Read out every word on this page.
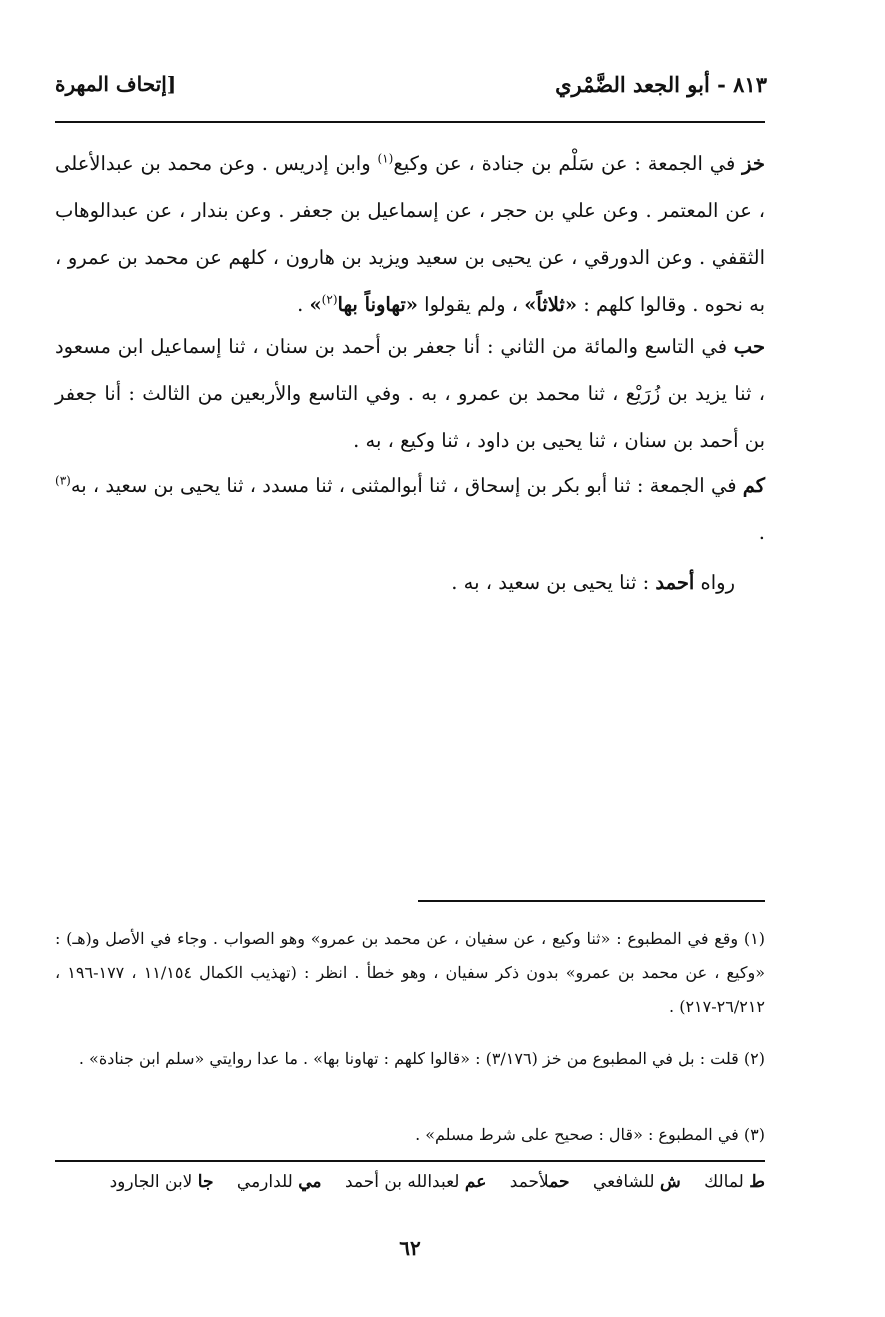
٨١٣ - أبو الجعد الضَّمْري
[إتحاف المهرة
خز في الجمعة : عن سَلْم بن جنادة ، عن وكيع$^{(١)}$ وابن إدريس . وعن محمد بن عبدالأعلى ، عن المعتمر . وعن علي بن حجر ، عن إسماعيل بن جعفر . وعن بندار ، عن عبدالوهاب الثقفي . وعن الدورقي ، عن يحيى بن سعيد ويزيد بن هارون ، كلهم عن محمد بن عمرو ، به نحوه . وقالوا كلهم : «ثلاثاً» ، ولم يقولوا «تهاوناً بها$^{(٢)}$» .
حب في التاسع والمائة من الثاني : أنا جعفر بن أحمد بن سنان ، ثنا إسماعيل ابن مسعود ، ثنا يزيد بن زُرَيْع ، ثنا محمد بن عمرو ، به . وفي التاسع والأربعين من الثالث : أنا جعفر بن أحمد بن سنان ، ثنا يحيى بن داود ، ثنا وكيع ، به .
كم في الجمعة : ثنا أبو بكر بن إسحاق ، ثنا أبوالمثنى ، ثنا مسدد ، ثنا يحيى بن سعيد ، به$^{(٣)}$ .
رواه أحمد : ثنا يحيى بن سعيد ، به .
(١) وقع في المطبوع : «ثنا وكيع ، عن سفيان ، عن محمد بن عمرو» وهو الصواب . وجاء في الأصل و(هـ) : «وكيع ، عن محمد بن عمرو» بدون ذكر سفيان ، وهو خطأ . انظر : (تهذيب الكمال ١١/١٥٤ ، ١٧٧-١٩٦ ، ٢٦/٢١٢-٢١٧) .
(٢) قلت : بل في المطبوع من خز (٣/١٧٦) : «قالوا كلهم : تهاونا بها» . ما عدا روايتي «سلم ابن جنادة» .
(٣) في المطبوع : «قال : صحيح على شرط مسلم» .
ط لمالك ش للشافعي حملأحمد عم لعبدالله بن أحمد مي للدارمي جا لابن الجارود
٦٢
